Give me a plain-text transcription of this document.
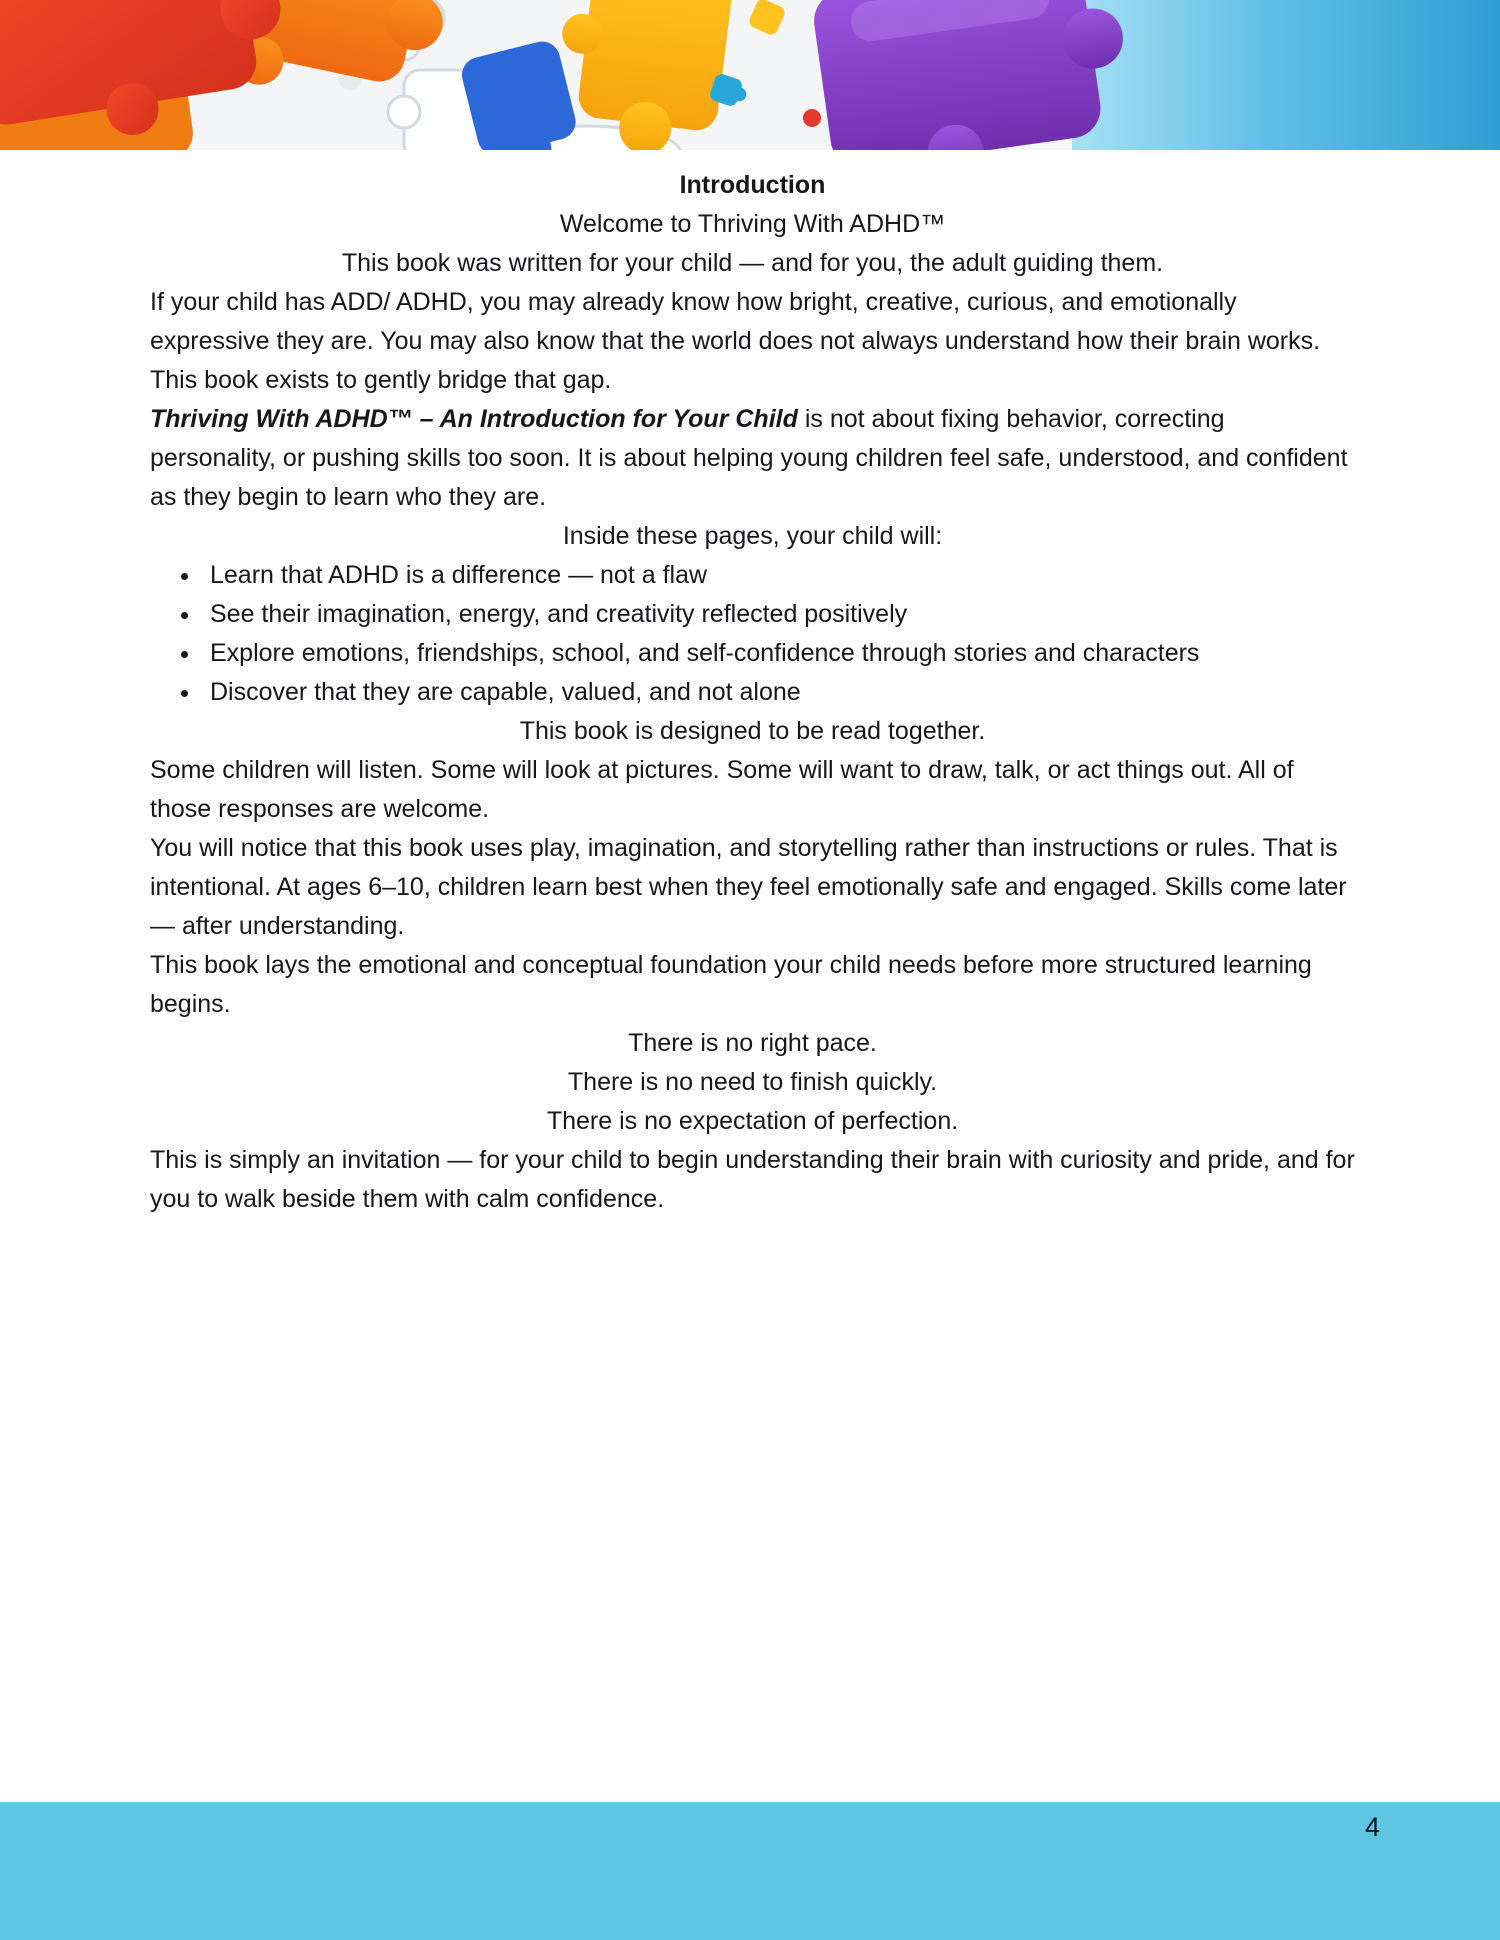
Introduction

Welcome to Thriving With ADHD™

This book was written for your child — and for you, the adult guiding them.

If your child has ADD/ ADHD, you may already know how bright, creative, curious, and emotionally expressive they are. You may also know that the world does not always understand how their brain works. This book exists to gently bridge that gap.

Thriving With ADHD™ – An Introduction for Your Child is not about fixing behavior, correcting personality, or pushing skills too soon. It is about helping young children feel safe, understood, and confident as they begin to learn who they are.

Inside these pages, your child will:

• Learn that ADHD is a difference — not a flaw
• See their imagination, energy, and creativity reflected positively
• Explore emotions, friendships, school, and self-confidence through stories and characters
• Discover that they are capable, valued, and not alone

This book is designed to be read together.

Some children will listen. Some will look at pictures. Some will want to draw, talk, or act things out. All of those responses are welcome.

You will notice that this book uses play, imagination, and storytelling rather than instructions or rules. That is intentional. At ages 6–10, children learn best when they feel emotionally safe and engaged. Skills come later — after understanding.

This book lays the emotional and conceptual foundation your child needs before more structured learning begins.

There is no right pace.

There is no need to finish quickly.

There is no expectation of perfection.

This is simply an invitation — for your child to begin understanding their brain with curiosity and pride, and for you to walk beside them with calm confidence.

4
